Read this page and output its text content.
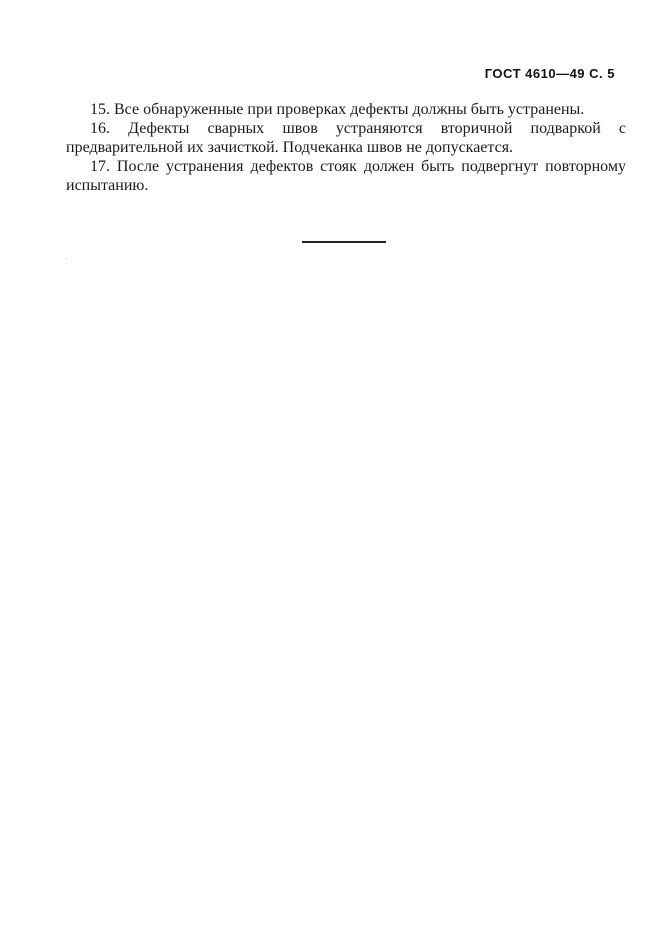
ГОСТ 4610—49 С. 5

15. Все обнаруженные при проверках дефекты должны быть устранены.

16. Дефекты сварных швов устраняются вторичной подваркой с предварительной их зачисткой. Подчеканка швов не допускается.

17. После устранения дефектов стояк должен быть подвергнут повторному испытанию.
